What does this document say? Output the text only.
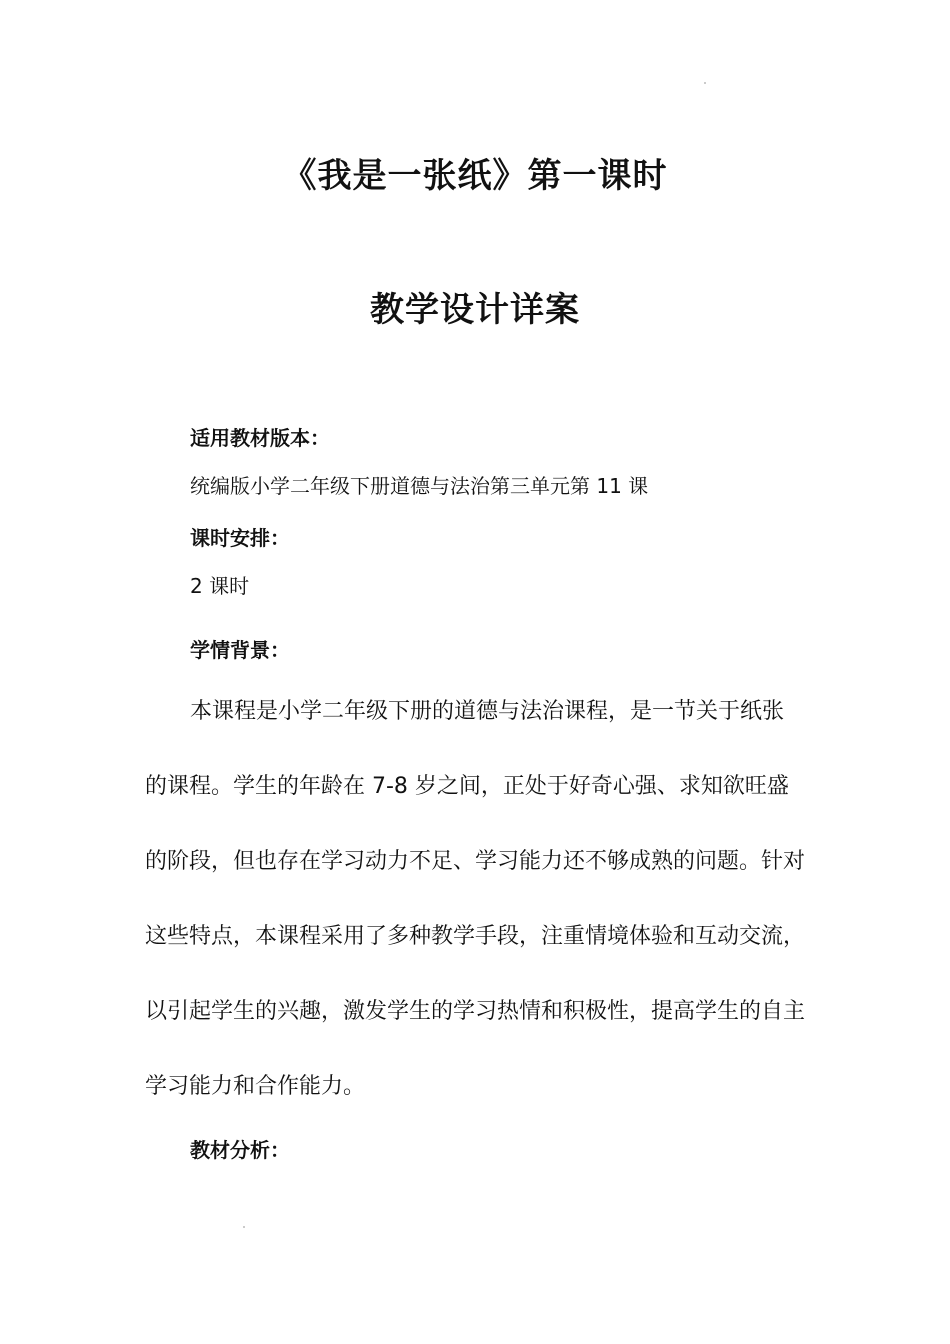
《我是一张纸》第一课时
教学设计详案
适用教材版本：
统编版小学二年级下册道德与法治第三单元第 11 课
课时安排：
2 课时
学情背景：

本课程是小学二年级下册的道德与法治课程，是一节关于纸张的课程。学生的年龄在 7-8 岁之间，正处于好奇心强、求知欲旺盛的阶段，但也存在学习动力不足、学习能力还不够成熟的问题。针对这些特点，本课程采用了多种教学手段，注重情境体验和互动交流，以引起学生的兴趣，激发学生的学习热情和积极性，提高学生的自主学习能力和合作能力。

教材分析：
